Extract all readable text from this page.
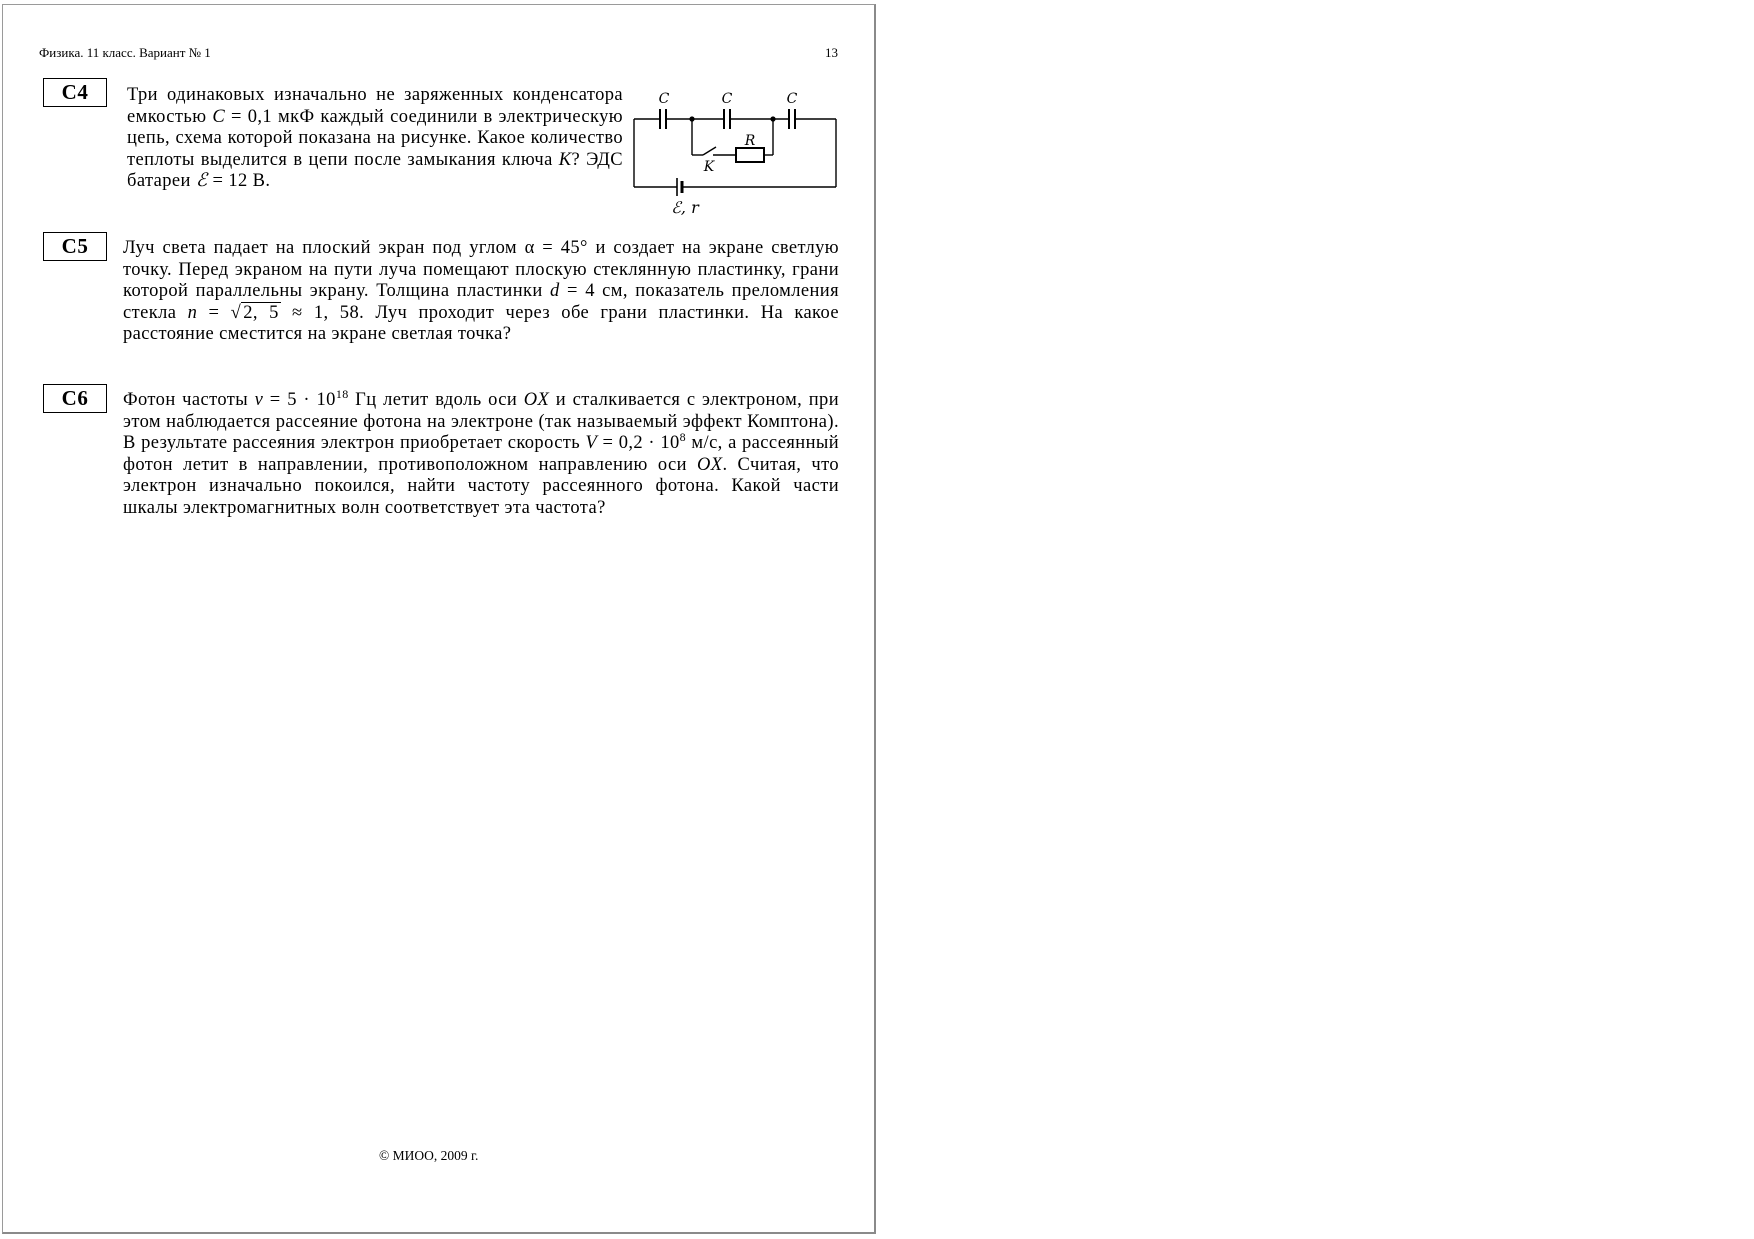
Физика. 11 класс. Вариант № 1	13
С4	Три одинаковых изначально не заряженных конденсатора емкостью C = 0,1 мкФ каждый соединили в электрическую цепь, схема которой показана на рисунке. Какое количество теплоты выделится в цепи после замыкания ключа K? ЭДС батареи ℰ = 12 В.
C	C	C
R
K
ℰ, r
С5	Луч света падает на плоский экран под углом α = 45° и создает на экране светлую точку. Перед экраном на пути луча помещают плоскую стеклянную пластинку, грани которой параллельны экрану. Толщина пластинки d = 4 см, показатель преломления стекла n = √ 2, 5 ≈ 1, 58. Луч проходит через обе грани пластинки. На какое расстояние сместится на экране светлая точка?
С6	Фотон частоты $\nu = 5 \cdot 10^{18}$ Гц летит вдоль оси OX и сталкивается с электроном, при этом наблюдается рассеяние фотона на электроне (так называемый эффект Комптона). В результате рассеяния электрон приобретает скорость $V = 0,2 \cdot 10^8$ м/с, а рассеянный фотон летит в направлении, противоположном направлению оси OX. Считая, что электрон изначально покоился, найти частоту рассеянного фотона. Какой части шкалы электромагнитных волн соответствует эта частота?
© МИОО, 2009 г.
